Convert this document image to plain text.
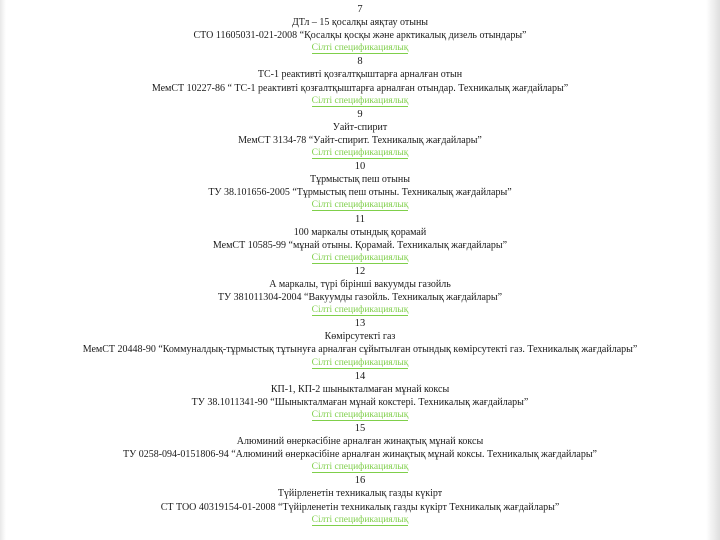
7
ДТл – 15 қосалқы аяқтау отыны
СТО 11605031-021-2008 “Қосалқы қосқы және арктикалық дизель отындары”
Сілті спецификациялық
8
ТС-1 реактивті қозғалтқыштарға арналған отын
МемСТ 10227-86 “ ТС-1 реактивті қозғалтқыштарға арналған отындар. Техникалық жағдайлары”
Сілті спецификациялық
9
Уайт-спирит
МемСТ 3134-78 “Уайт-спирит. Техникалық жағдайлары”
Сілті спецификациялық
10
Тұрмыстық пеш отыны
ТУ 38.101656-2005 “Тұрмыстық пеш отыны. Техникалық жағдайлары”
Сілті спецификациялық
11
100 маркалы отындық қорамай
МемСТ 10585-99 “мұнай отыны. Қорамай. Техникалық жағдайлары”
Сілті спецификациялық
12
А маркалы, түрі бірінші вакуумды газойль
ТУ 381011304-2004 “Вакуумды газойль. Техникалық жағдайлары”
Сілті спецификациялық
13
Көмірсутекті газ
МемСТ 20448-90 “Коммуналдық-тұрмыстық тұтынуға арналған сұйытылған отындық көмірсутекті газ. Техникалық жағдайлары”
Сілті спецификациялық
14
КП-1, КП-2 шыныкталмаған мұнай коксы
ТУ 38.1011341-90 “Шыныкталмаған мұнай кокстері. Техникалық жағдайлары”
Сілті спецификациялық
15
Алюминий өнеркәсібіне арналған жинақтық мұнай коксы
ТУ 0258-094-0151806-94 “Алюминий өнеркәсібіне арналған жинақтық мұнай коксы. Техникалық жағдайлары”
Сілті спецификациялық
16
Түйірленетін техникалық газды күкірт
СТ ТОО 40319154-01-2008 “Түйірленетін техникалық газды күкірт Техникалық жағдайлары”
Сілті спецификациялық
